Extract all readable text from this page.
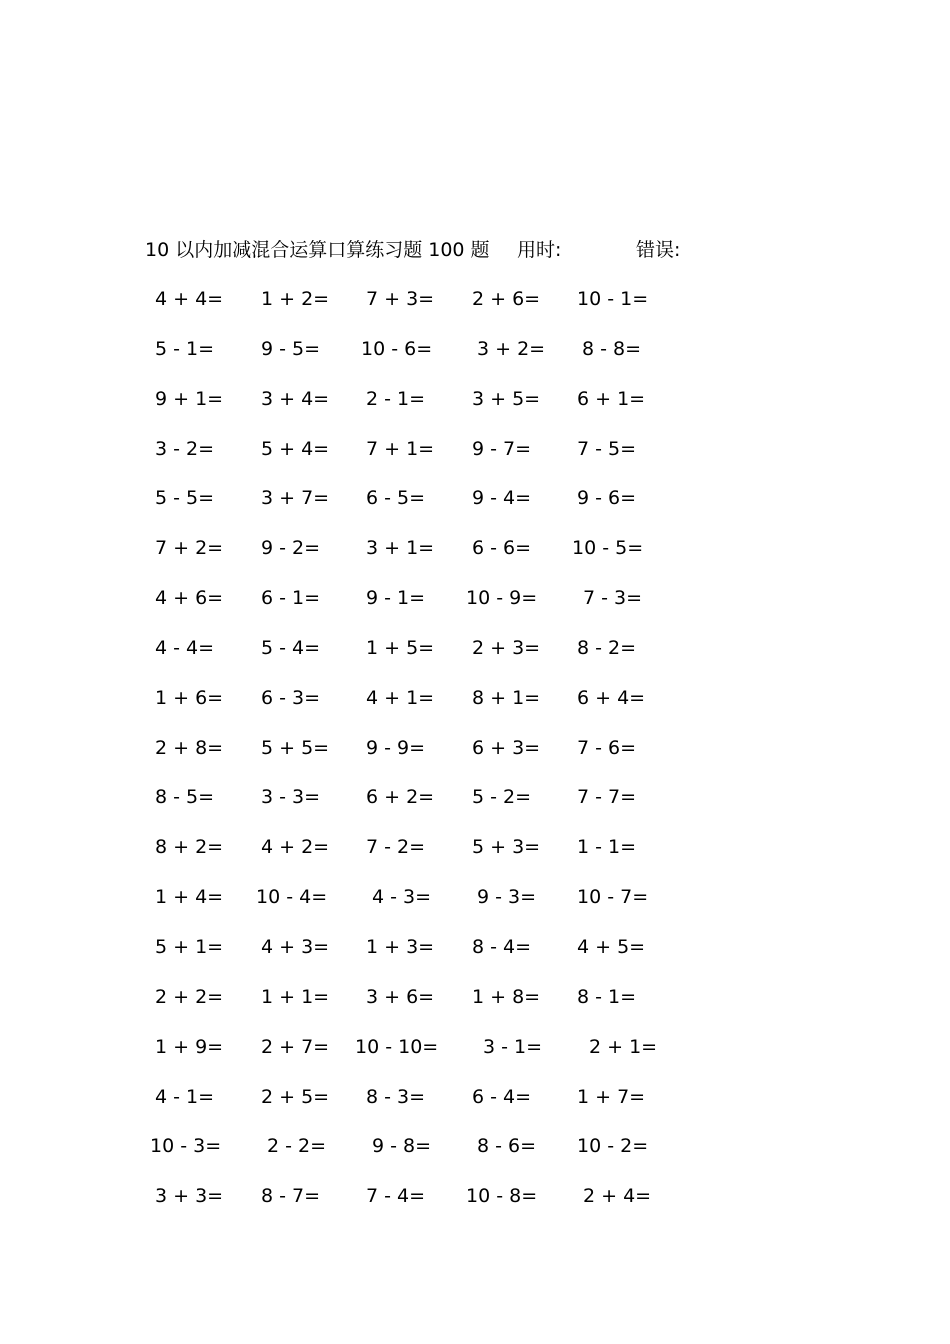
10 以内加减混合运算口算练习题 100 题 用时:	错误:
4 + 4= 1 + 2= 7 + 3= 2 + 6= 10 - 1=
5 - 1= 9 - 5= 10 - 6= 3 + 2= 8 - 8=
9 + 1= 3 + 4= 2 - 1= 3 + 5= 6 + 1=
3 - 2= 5 + 4= 7 + 1= 9 - 7= 7 - 5=
5 - 5= 3 + 7= 6 - 5= 9 - 4= 9 - 6=
7 + 2= 9 - 2= 3 + 1= 6 - 6= 10 - 5=
4 + 6= 6 - 1= 9 - 1= 10 - 9= 7 - 3=
4 - 4= 5 - 4= 1 + 5= 2 + 3= 8 - 2=
1 + 6= 6 - 3= 4 + 1= 8 + 1= 6 + 4=
2 + 8= 5 + 5= 9 - 9= 6 + 3= 7 - 6=
8 - 5= 3 - 3= 6 + 2= 5 - 2= 7 - 7=
8 + 2= 4 + 2= 7 - 2= 5 + 3= 1 - 1=
1 + 4= 10 - 4= 4 - 3= 9 - 3= 10 - 7=
5 + 1= 4 + 3= 1 + 3= 8 - 4= 4 + 5=
2 + 2= 1 + 1= 3 + 6= 1 + 8= 8 - 1=
1 + 9= 2 + 7= 10 - 10= 3 - 1= 2 + 1=
4 - 1= 2 + 5= 8 - 3= 6 - 4= 1 + 7=
10 - 3= 2 - 2= 9 - 8= 8 - 6= 10 - 2=
3 + 3= 8 - 7= 7 - 4= 10 - 8= 2 + 4=
